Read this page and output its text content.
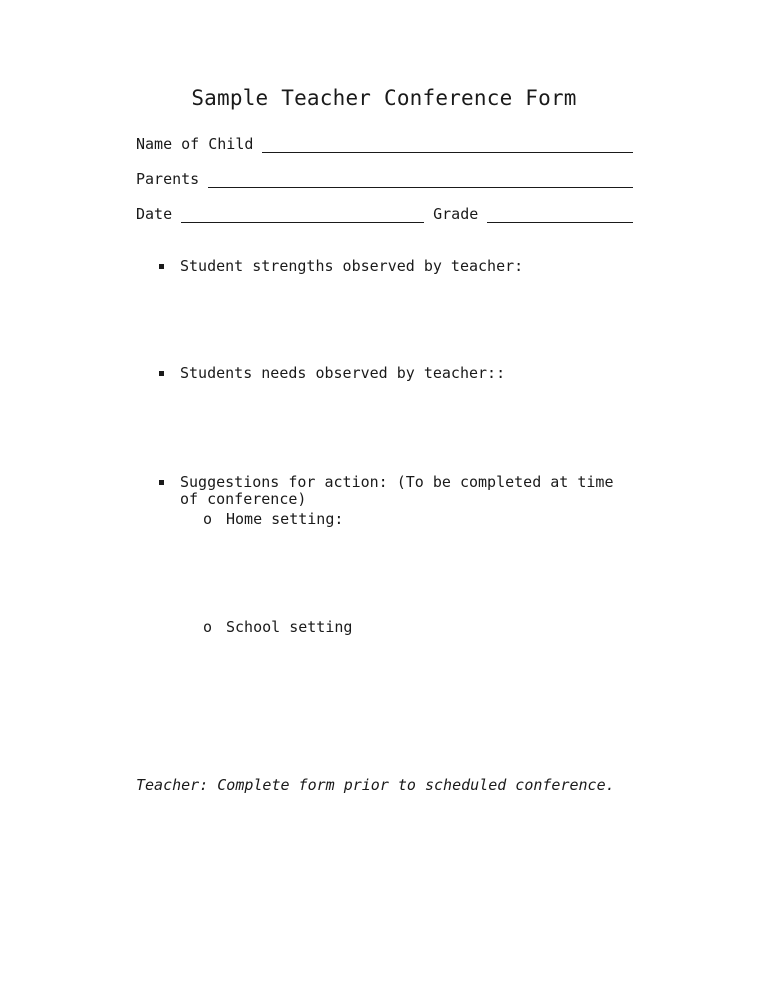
Sample Teacher Conference Form
Name of Child
Parents
Date	Grade
Student strengths observed by teacher:
Students needs observed by teacher::
Suggestions for action: (To be completed at time of conference)
o Home setting:
o School setting
Teacher: Complete form prior to scheduled conference.
